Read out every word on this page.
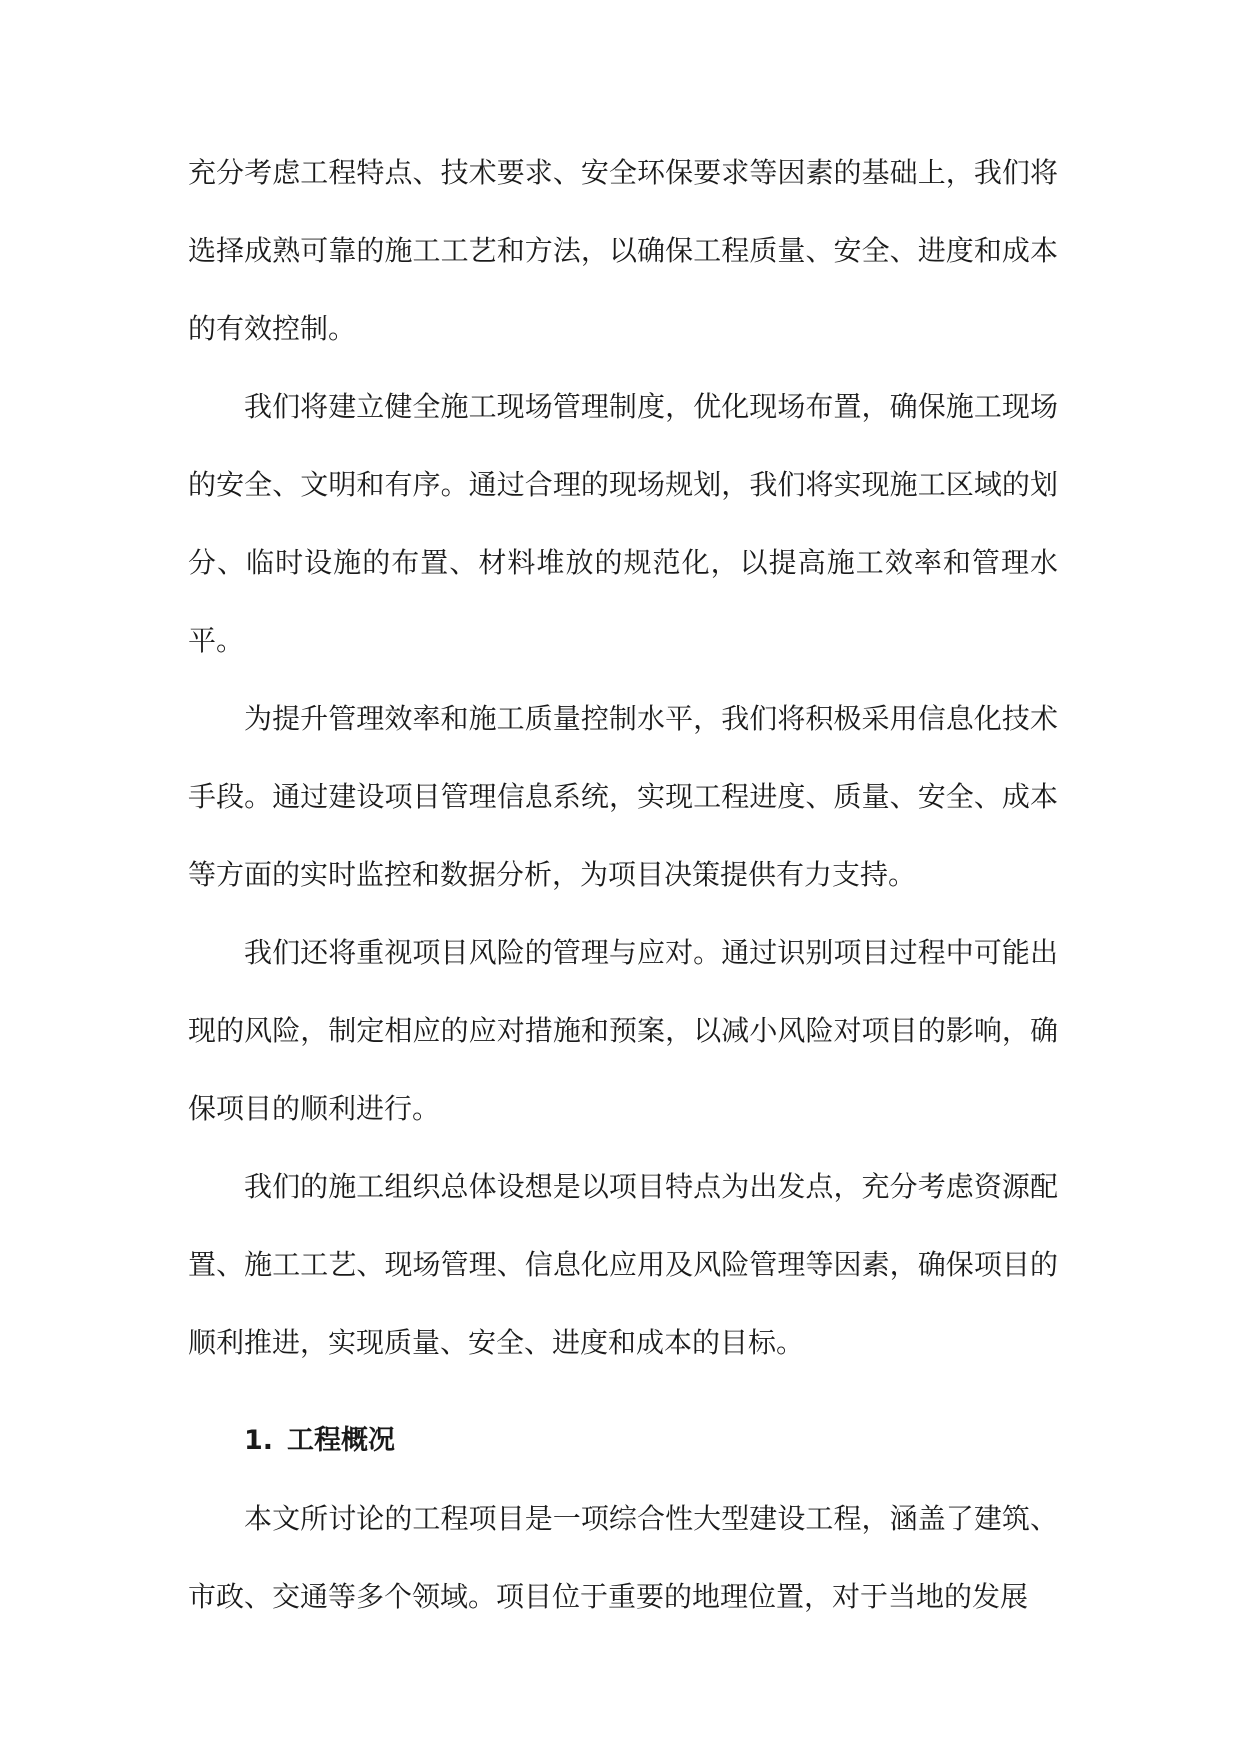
充分考虑工程特点、技术要求、安全环保要求等因素的基础上，我们将选择成熟可靠的施工工艺和方法，以确保工程质量、安全、进度和成本的有效控制。

我们将建立健全施工现场管理制度，优化现场布置，确保施工现场的安全、文明和有序。通过合理的现场规划，我们将实现施工区域的划分、临时设施的布置、材料堆放的规范化，以提高施工效率和管理水平。

为提升管理效率和施工质量控制水平，我们将积极采用信息化技术手段。通过建设项目管理信息系统，实现工程进度、质量、安全、成本等方面的实时监控和数据分析，为项目决策提供有力支持。

我们还将重视项目风险的管理与应对。通过识别项目过程中可能出现的风险，制定相应的应对措施和预案，以减小风险对项目的影响，确保项目的顺利进行。

我们的施工组织总体设想是以项目特点为出发点，充分考虑资源配置、施工工艺、现场管理、信息化应用及风险管理等因素，确保项目的顺利推进，实现质量、安全、进度和成本的目标。

1. 工程概况

本文所讨论的工程项目是一项综合性大型建设工程，涵盖了建筑、市政、交通等多个领域。项目位于重要的地理位置，对于当地的发展
